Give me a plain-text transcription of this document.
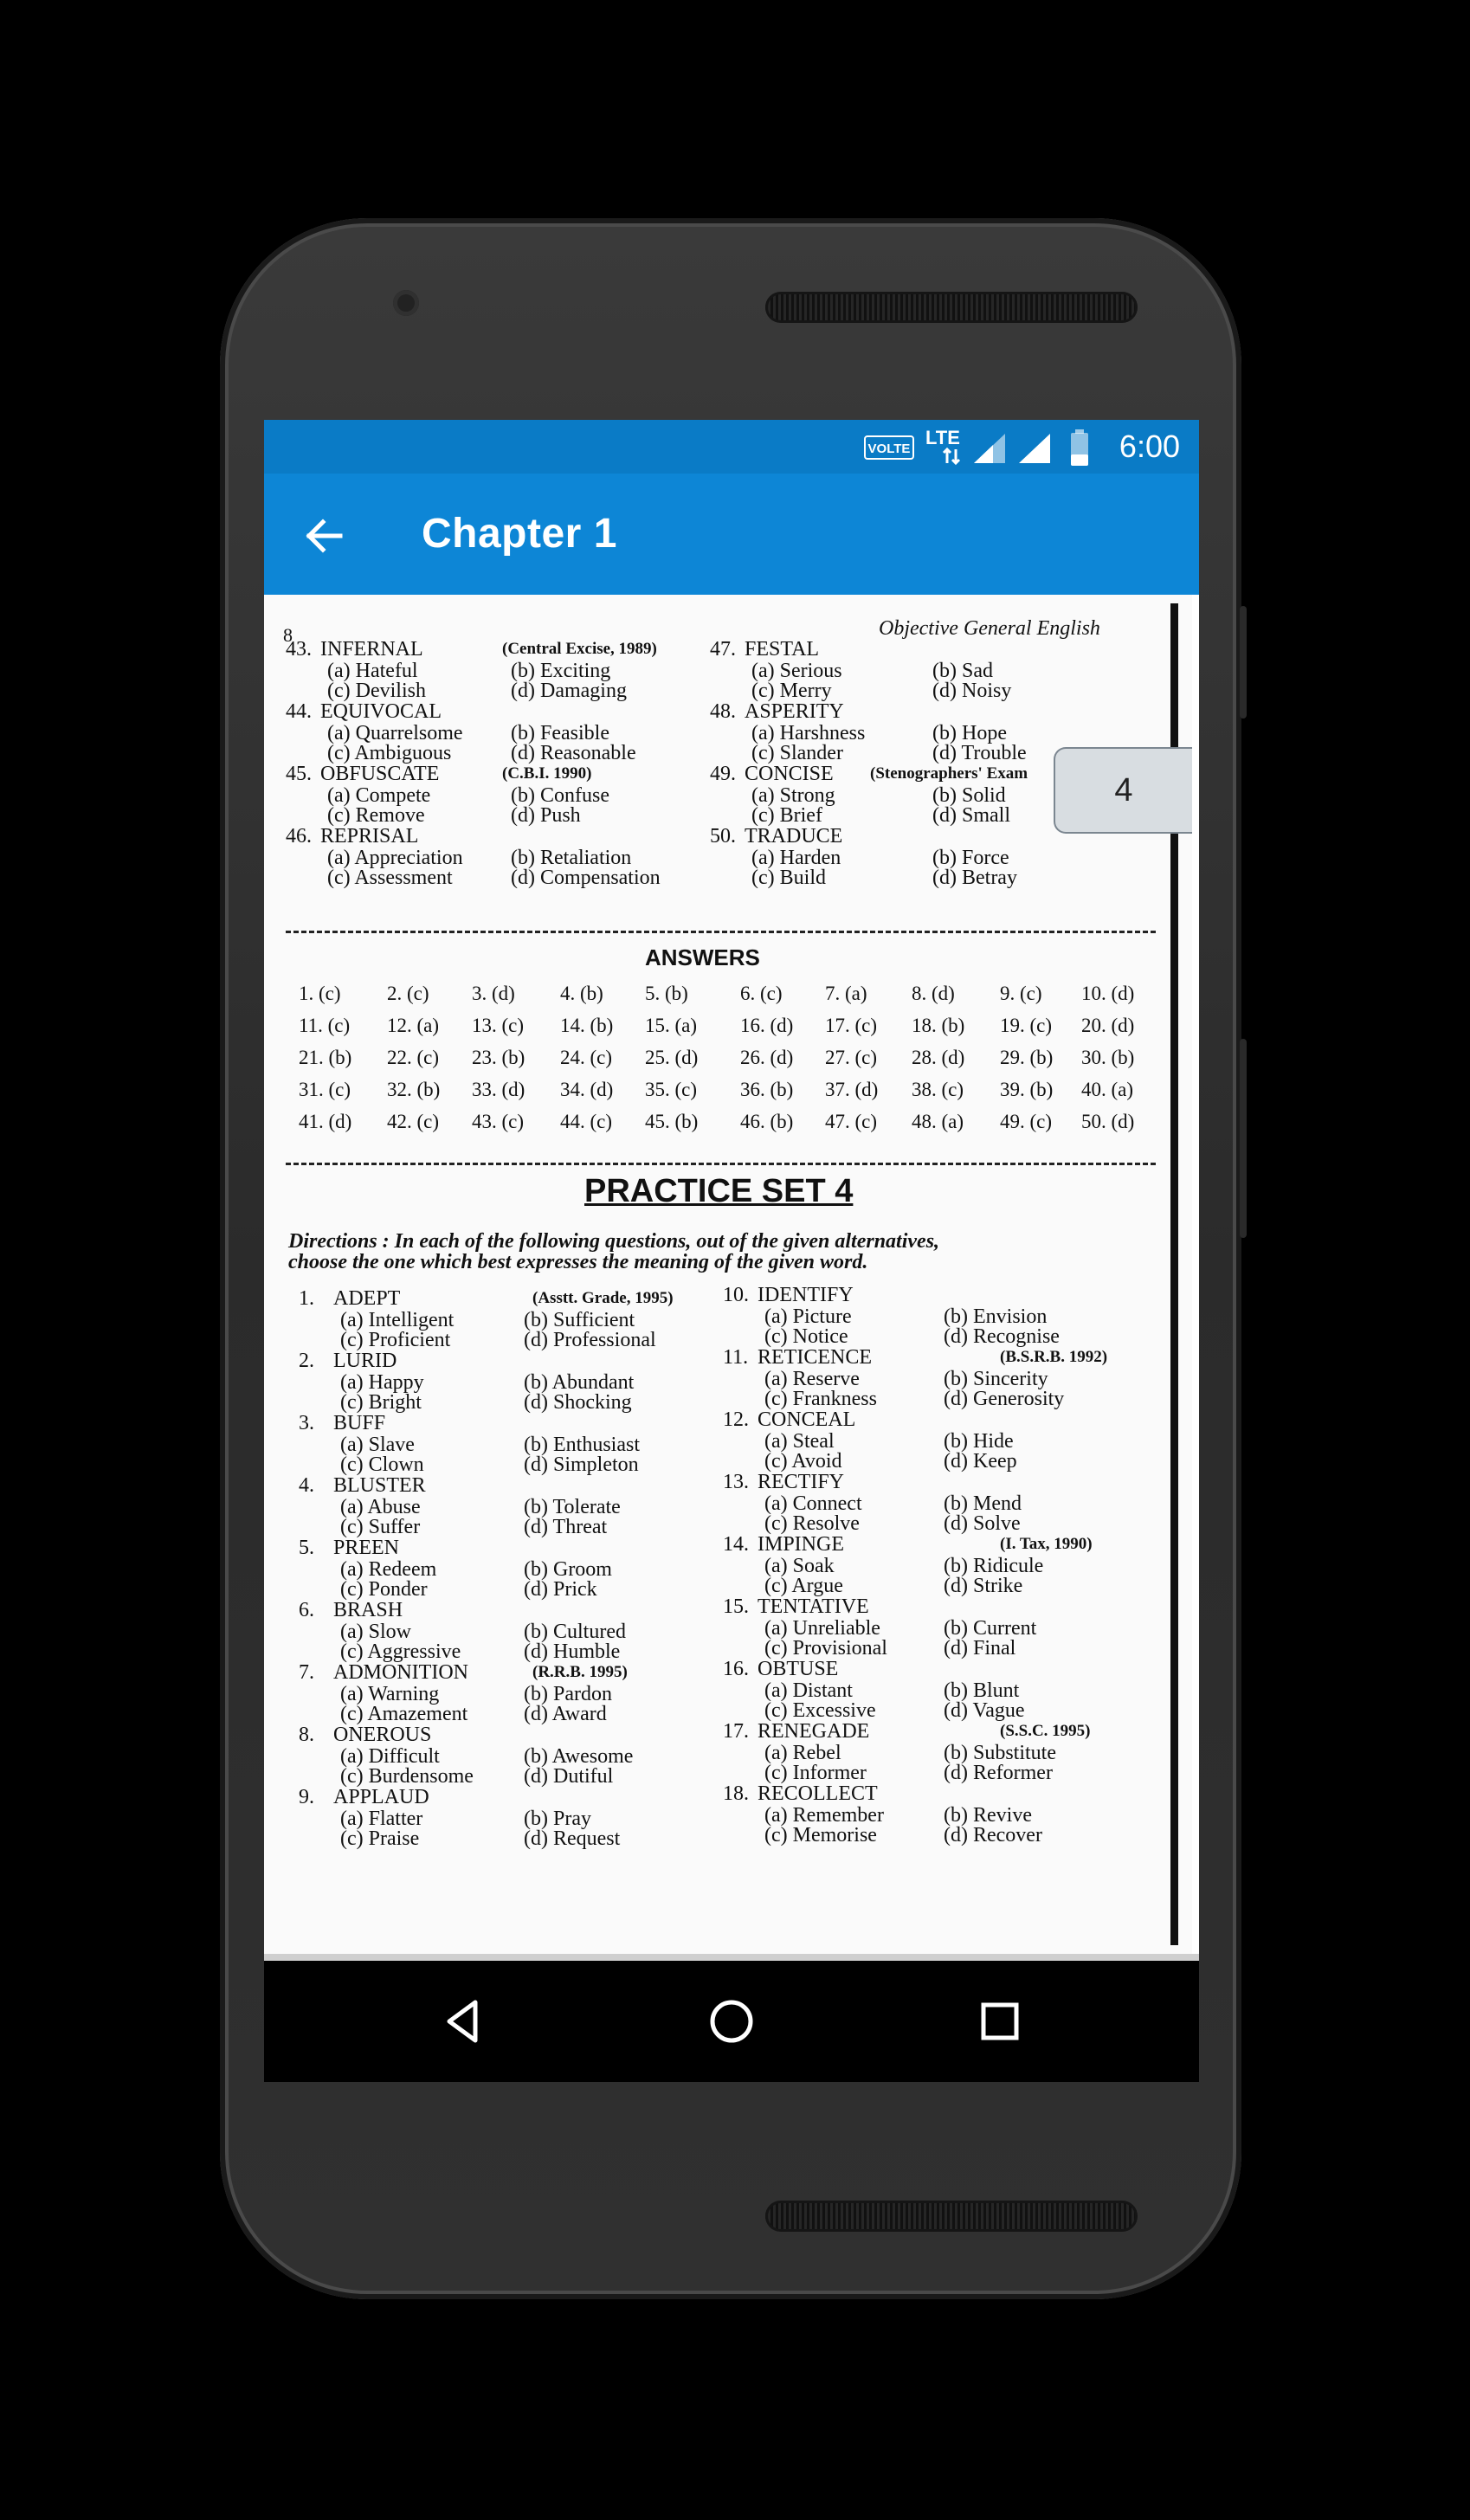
VOLTE
LTE	6:00
Chapter 1
8	Objective General English
43. INFERNAL
(a) Hateful	(b) Exciting
(c) Devilish	(d) Damaging
(Central Excise, 1989)
44. EQUIVOCAL
(a) Quarrelsome (b) Feasible
(c) Ambiguous	(d) Reasonable
45. OBFUSCATE
(a) Compete	(b) Confuse
(c) Remove	(d) Push
(C.B.I. 1990)
46. REPRISAL
(a) Appreciation (b) Retaliation
(c) Assessment	(d) Compensation
47. FESTAL
(a) Serious	(b) Sad
(c) Merry	(d) Noisy
48. ASPERITY
(a) Harshness	(b) Hope
(c) Slander	(d) Trouble
49. CONCISE
(a) Strong	(b) Solid
(c) Brief	(d) Small
(Stenographers' Exam
50. TRADUCE
(a) Harden	(b) Force
(c) Build	(d) Betray
ANSWERS
1. (c) 2. (c) 3. (d) 4. (b) 5. (b)	6. (c) 7. (a) 8. (d) 9. (c) 10. (d)
11. (c) 12. (a) 13. (c) 14. (b) 15. (a) 16. (d) 17. (c) 18. (b) 19. (c) 20. (d)
21. (b) 22. (c) 23. (b) 24. (c) 25. (d) 26. (d) 27. (c) 28. (d) 29. (b) 30. (b)
31. (c) 32. (b) 33. (d) 34. (d) 35. (c) 36. (b) 37. (d) 38. (c) 39. (b) 40. (a)
41. (d) 42. (c) 43. (c) 44. (c) 45. (b) 46. (b) 47. (c) 48. (a) 49. (c) 50. (d)
PRACTICE SET 4
Directions : In each of the following questions, out of the given alternatives,
choose the one which best expresses the meaning of the given word.
1. ADEPT
(a) Intelligent	(b) Sufficient
(c) Proficient	(d) Professional
(Asstt. Grade, 1995)
2. LURID
(a) Happy	(b) Abundant
(c) Bright	(d) Shocking
3. BUFF
(a) Slave	(b) Enthusiast
(c) Clown	(d) Simpleton
4. BLUSTER
(a) Abuse	(b) Tolerate
(c) Suffer	(d) Threat
5. PREEN
(a) Redeem	(b) Groom
(c) Ponder	(d) Prick
6. BRASH
(a) Slow	(b) Cultured
(c) Aggressive	(d) Humble
7. ADMONITION
(a) Warning	(b) Pardon
(c) Amazement	(d) Award
(R.R.B. 1995)
8. ONEROUS
(a) Difficult	(b) Awesome
(c) Burdensome (d) Dutiful
9. APPLAUD
(a) Flatter	(b) Pray
(c) Praise	(d) Request
10. IDENTIFY
(a) Picture	(b) Envision
(c) Notice	(d) Recognise
11. RETICENCE
(a) Reserve	(b) Sincerity
(c) Frankness	(d) Generosity
(B.S.R.B. 1992)
12. CONCEAL
(a) Steal	(b) Hide
(c) Avoid	(d) Keep
13. RECTIFY
(a) Connect	(b) Mend
(c) Resolve	(d) Solve
14. IMPINGE
(a) Soak	(b) Ridicule
(c) Argue	(d) Strike
(I. Tax, 1990)
15. TENTATIVE
(a) Unreliable	(b) Current
(c) Provisional	(d) Final
16. OBTUSE
(a) Distant	(b) Blunt
(c) Excessive	(d) Vague
17. RENEGADE
(a) Rebel	(b) Substitute
(c) Informer	(d) Reformer
(S.S.C. 1995)
18. RECOLLECT
(a) Remember	(b) Revive
(c) Memorise	(d) Recover
4
